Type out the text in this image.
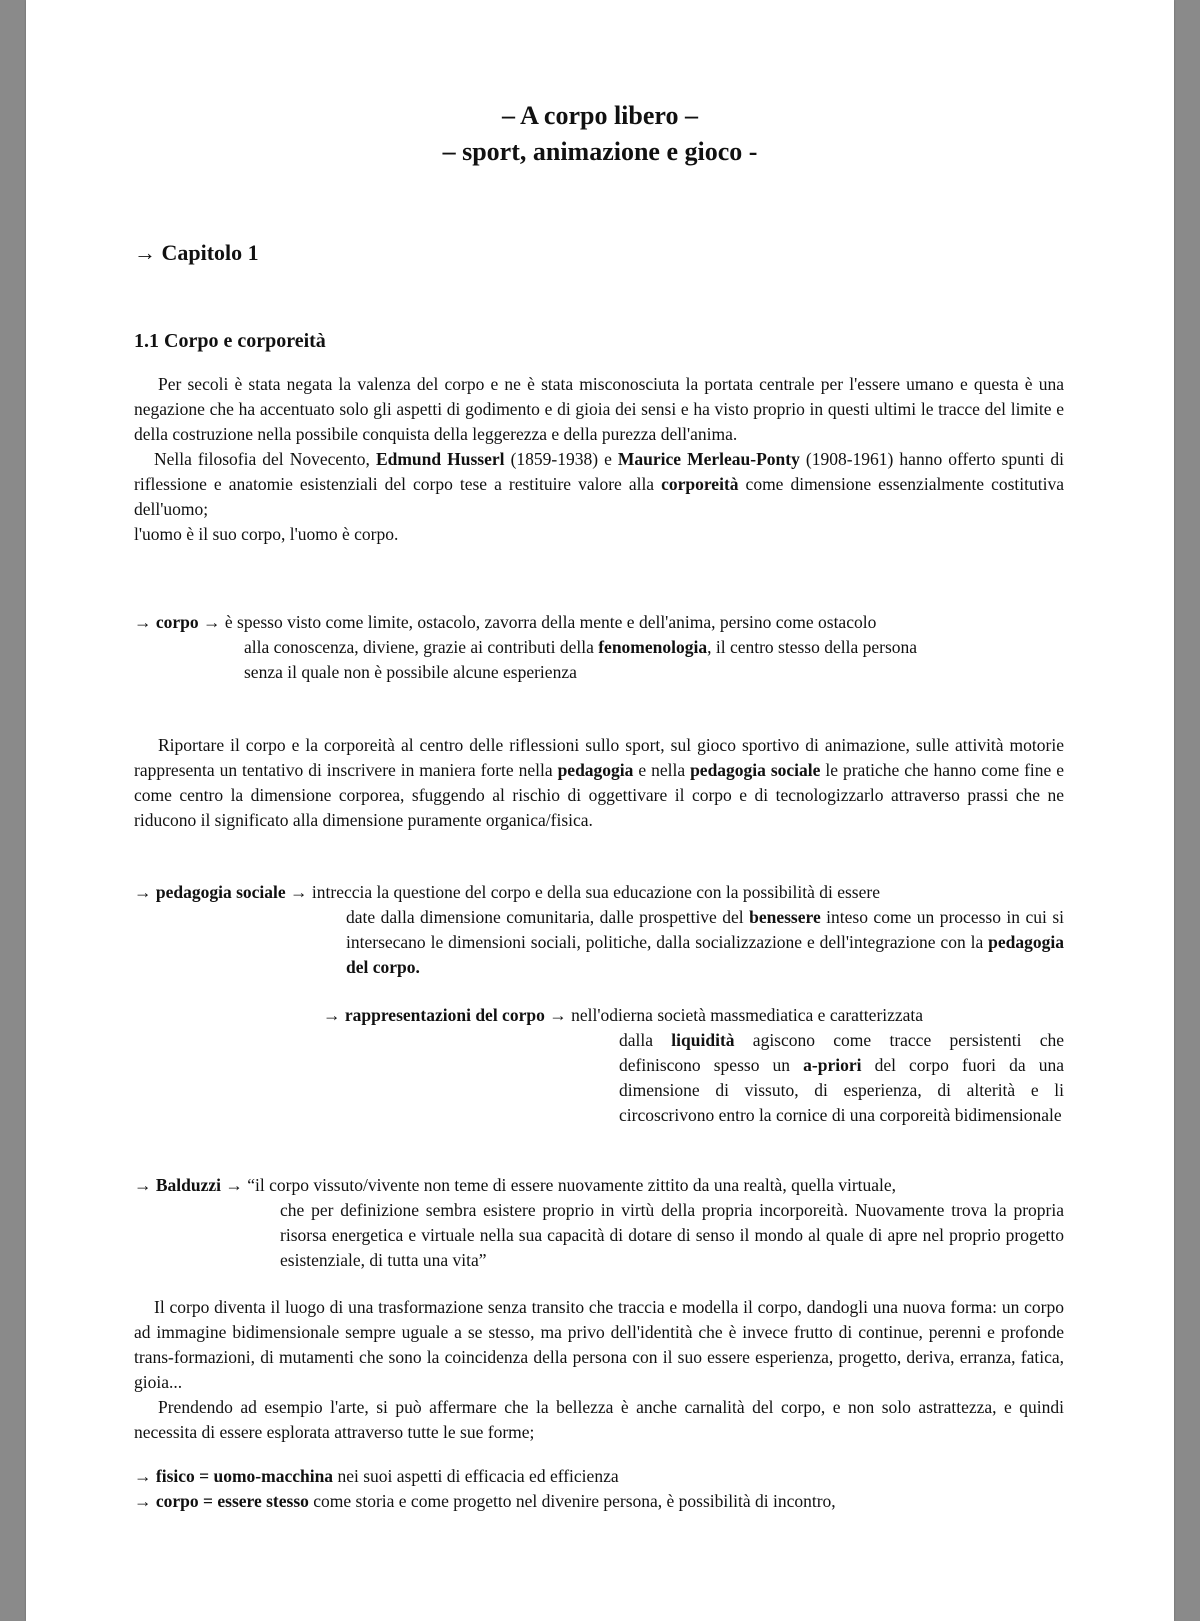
– A corpo libero –
– sport, animazione e gioco -
→ Capitolo 1
1.1 Corpo e corporeità

Per secoli è stata negata la valenza del corpo e ne è stata misconosciuta la portata centrale per l'essere umano e questa è una negazione che ha accentuato solo gli aspetti di godimento e di gioia dei sensi e ha visto proprio in questi ultimi le tracce del limite e della costruzione nella possibile conquista della leggerezza e della purezza dell'anima.

Nella filosofia del Novecento, Edmund Husserl (1859-1938) e Maurice Merleau-Ponty (1908-1961) hanno offerto spunti di riflessione e anatomie esistenziali del corpo tese a restituire valore alla corporeità come dimensione essenzialmente costitutiva dell'uomo;

l'uomo è il suo corpo, l'uomo è corpo.

→ corpo → è spesso visto come limite, ostacolo, zavorra della mente e dell'anima, persino come ostacolo
alla conoscenza, diviene, grazie ai contributi della fenomenologia, il centro stesso della persona
senza il quale non è possibile alcune esperienza

Riportare il corpo e la corporeità al centro delle riflessioni sullo sport, sul gioco sportivo di animazione, sulle attività motorie rappresenta un tentativo di inscrivere in maniera forte nella pedagogia e nella pedagogia sociale le pratiche che hanno come fine e come centro la dimensione corporea, sfuggendo al rischio di oggettivare il corpo e di tecnologizzarlo attraverso prassi che ne riducono il significato alla dimensione puramente organica/fisica.

→ pedagogia sociale → intreccia la questione del corpo e della sua educazione con la possibilità di essere
date dalla dimensione comunitaria, dalle prospettive del benessere inteso come un processo in cui si intersecano le dimensioni sociali, politiche, dalla socializzazione e dell'integrazione con la pedagogia del corpo.
→ rappresentazioni del corpo → nell'odierna società massmediatica e caratterizzata
dalla liquidità agiscono come tracce persistenti che definiscono spesso un a-priori del corpo fuori da una dimensione di vissuto, di esperienza, di alterità e li circoscrivono entro la cornice di una corporeità bidimensionale
→ Balduzzi → “il corpo vissuto/vivente non teme di essere nuovamente zittito da una realtà, quella virtuale,
che per definizione sembra esistere proprio in virtù della propria incorporeità. Nuovamente trova la propria risorsa energetica e virtuale nella sua capacità di dotare di senso il mondo al quale di apre nel proprio progetto esistenziale, di tutta una vita”

Il corpo diventa il luogo di una trasformazione senza transito che traccia e modella il corpo, dandogli una nuova forma: un corpo ad immagine bidimensionale sempre uguale a se stesso, ma privo dell'identità che è invece frutto di continue, perenni e profonde trans-formazioni, di mutamenti che sono la coincidenza della persona con il suo essere esperienza, progetto, deriva, erranza, fatica, gioia...

Prendendo ad esempio l'arte, si può affermare che la bellezza è anche carnalità del corpo, e non solo astrattezza, e quindi necessita di essere esplorata attraverso tutte le sue forme;

→ fisico = uomo-macchina nei suoi aspetti di efficacia ed efficienza
→ corpo = essere stesso come storia e come progetto nel divenire persona, è possibilità di incontro,
